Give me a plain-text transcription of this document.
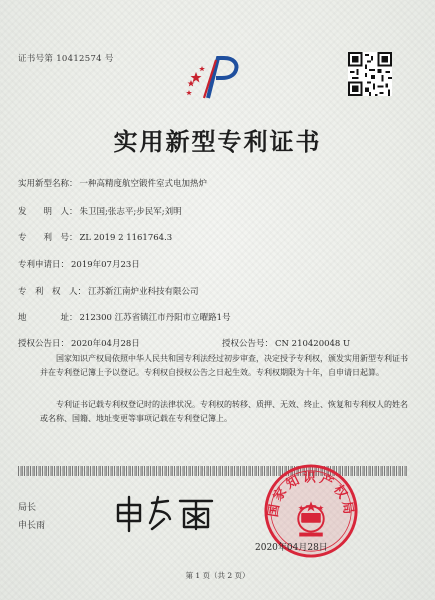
证书号第 10412574 号
实用新型专利证书
实用新型名称： 一种高精度航空锻件室式电加热炉
发　　明　人： 朱卫国;张志平;步民军;刘明
专　　利　号： ZL 2019 2 1161764.3
专利申请日： 2019年07月23日
专　利　权　人： 江苏新江南炉业科技有限公司
地　　　　址： 212300 江苏省镇江市丹阳市立曜路1号
授权公告日： 2020年04月28日	授权公告号： CN 210420048 U
国家知识产权局依照中华人民共和国专利法经过初步审查，决定授予专利权，颁发实用新型专利证书并在专利登记簿上予以登记。专利权自授权公告之日起生效。专利权期限为十年，自申请日起算。
专利证书记载专利权登记时的法律状况。专利权的转移、质押、无效、终止、恢复和专利权人的姓名或名称、国籍、地址变更等事项记载在专利登记簿上。
局长
申长雨
国家知识产权局
2020年04月28日
第 1 页（共 2 页）
